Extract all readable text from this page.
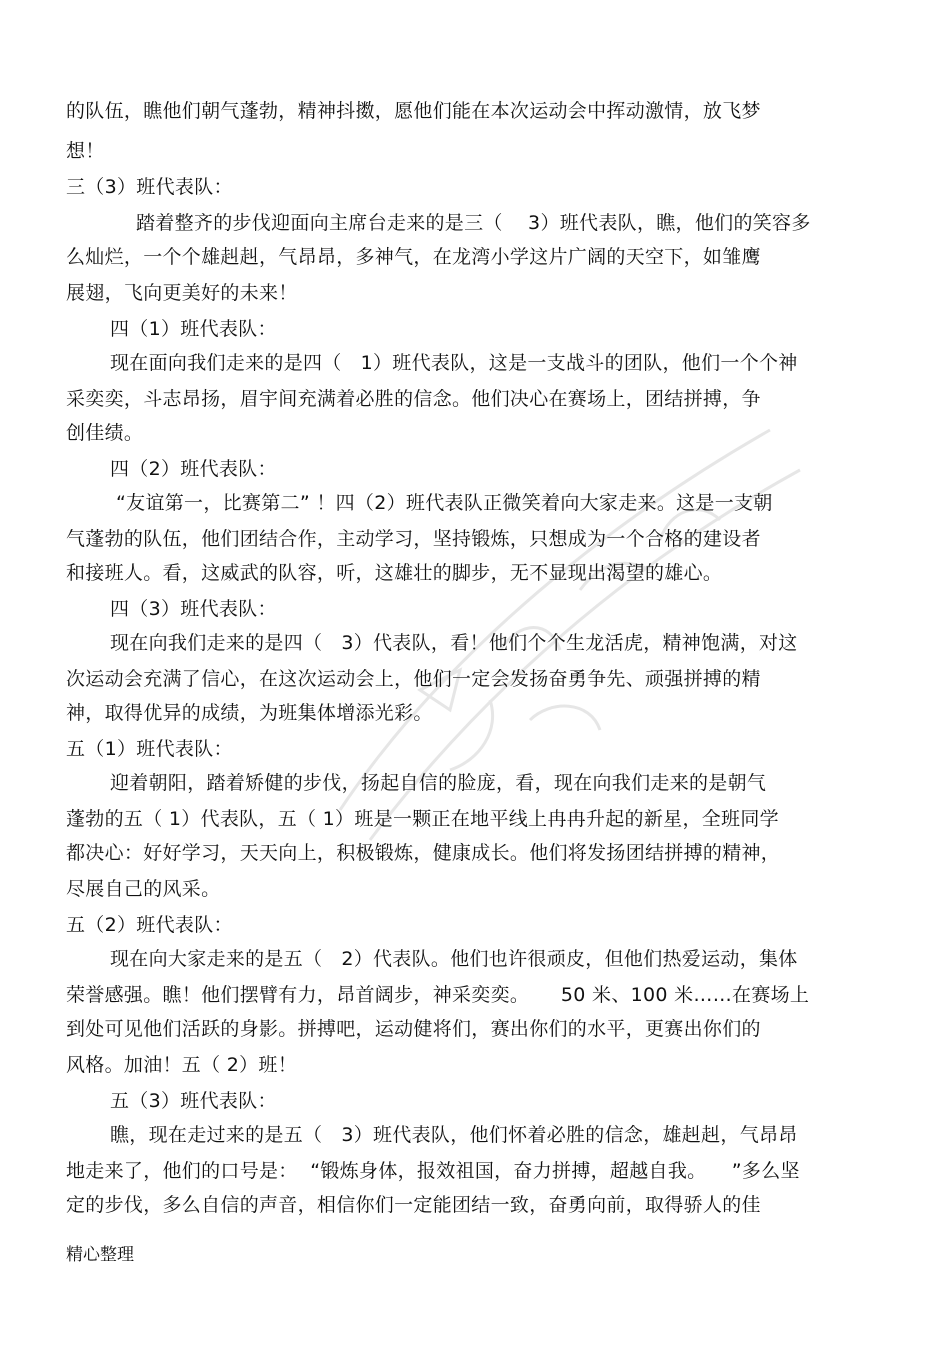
的队伍，瞧他们朝气蓬勃，精神抖擞，愿他们能在本次运动会中挥动激情，放飞梦
想！
三（3）班代表队：
踏着整齐的步伐迎面向主席台走来的是三（    3）班代表队，瞧，他们的笑容多
么灿烂，一个个雄赳赳，气昂昂，多神气，在龙湾小学这片广阔的天空下，如雏鹰
展翅，飞向更美好的未来！
四（1）班代表队：
现在面向我们走来的是四（   1）班代表队，这是一支战斗的团队，他们一个个神
采奕奕，斗志昂扬，眉宇间充满着必胜的信念。他们决心在赛场上，团结拼搏，争
创佳绩。
四（2）班代表队：
“友谊第一，比赛第二” ！四（2）班代表队正微笑着向大家走来。这是一支朝
气蓬勃的队伍，他们团结合作，主动学习，坚持锻炼，只想成为一个合格的建设者
和接班人。看，这威武的队容，听，这雄壮的脚步，无不显现出渴望的雄心。
四（3）班代表队：
现在向我们走来的是四（   3）代表队，看！他们个个生龙活虎，精神饱满，对这
次运动会充满了信心，在这次运动会上，他们一定会发扬奋勇争先、顽强拼搏的精
神，取得优异的成绩，为班集体增添光彩。
五（1）班代表队：
迎着朝阳，踏着矫健的步伐，扬起自信的脸庞，看，现在向我们走来的是朝气
蓬勃的五（ 1）代表队，五（ 1）班是一颗正在地平线上冉冉升起的新星，全班同学
都决心：好好学习，天天向上，积极锻炼，健康成长。他们将发扬团结拼搏的精神，
尽展自己的风采。
五（2）班代表队：
现在向大家走来的是五（   2）代表队。他们也许很顽皮，但他们热爱运动，集体
荣誉感强。瞧！他们摆臂有力，昂首阔步，神采奕奕。     50 米、100 米……在赛场上
到处可见他们活跃的身影。拼搏吧，运动健将们，赛出你们的水平，更赛出你们的
风格。加油！五（ 2）班！
五（3）班代表队：
瞧，现在走过来的是五（   3）班代表队，他们怀着必胜的信念，雄赳赳，气昂昂
地走来了，他们的口号是：  “锻炼身体，报效祖国，奋力拼搏，超越自我。    ”多么坚
定的步伐，多么自信的声音，相信你们一定能团结一致，奋勇向前，取得骄人的佳
精心整理
